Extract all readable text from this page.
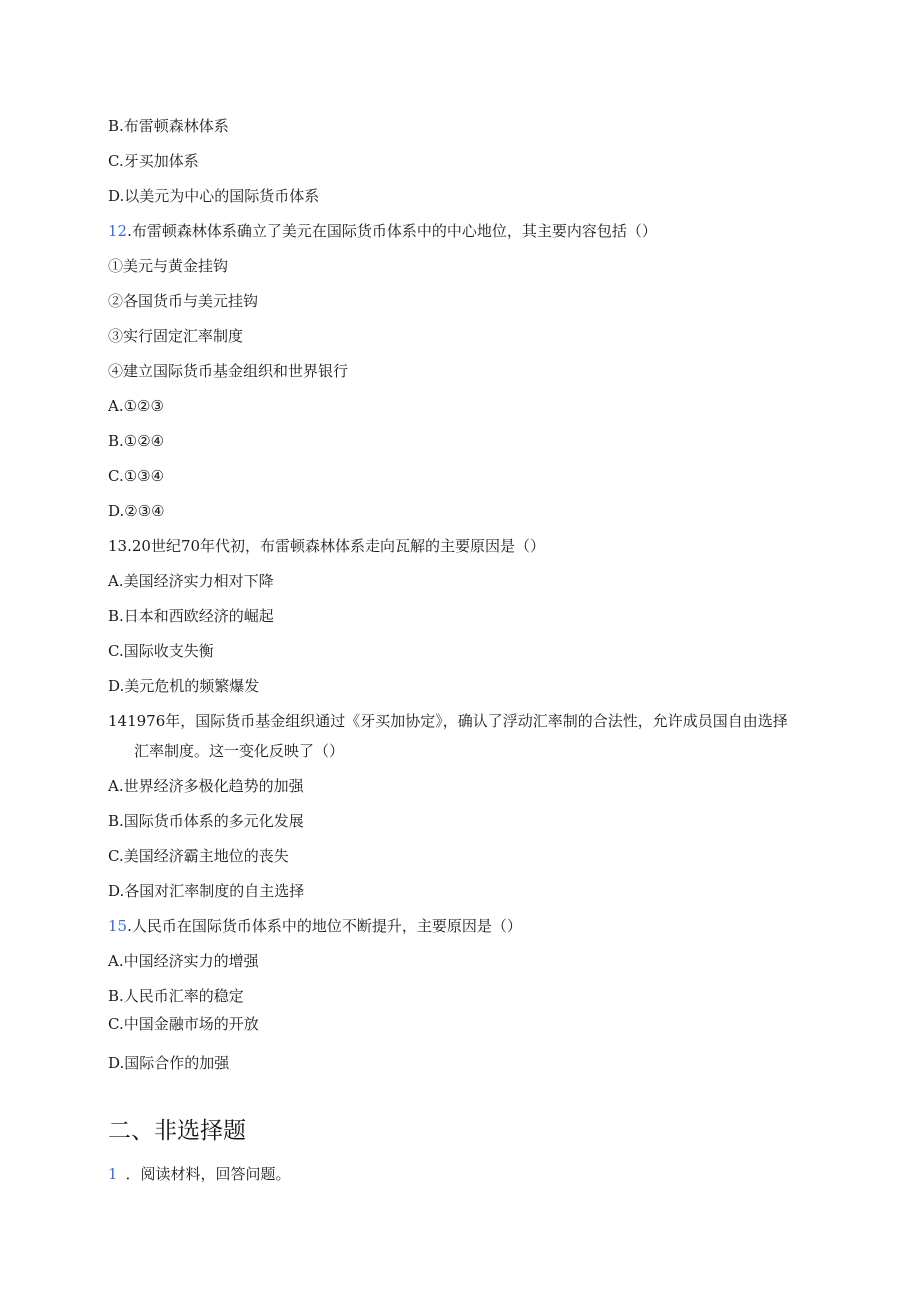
B.布雷顿森林体系
C.牙买加体系
D.以美元为中心的国际货币体系
12.布雷顿森林体系确立了美元在国际货币体系中的中心地位，其主要内容包括（）
①美元与黄金挂钩
②各国货币与美元挂钩
③实行固定汇率制度
④建立国际货币基金组织和世界银行
A.①②③
B.①②④
C.①③④
D.②③④
13.20世纪70年代初，布雷顿森林体系走向瓦解的主要原因是（）
A.美国经济实力相对下降
B.日本和西欧经济的崛起
C.国际收支失衡
D.美元危机的频繁爆发
141976年，国际货币基金组织通过《牙买加协定》，确认了浮动汇率制的合法性，允许成员国自由选择
汇率制度。这一变化反映了（）
A.世界经济多极化趋势的加强
B.国际货币体系的多元化发展
C.美国经济霸主地位的丧失
D.各国对汇率制度的自主选择
15.人民币在国际货币体系中的地位不断提升，主要原因是（）
A.中国经济实力的增强
B.人民币汇率的稳定
C.中国金融市场的开放
D.国际合作的加强
二、非选择题
1 ．阅读材料，回答问题。
